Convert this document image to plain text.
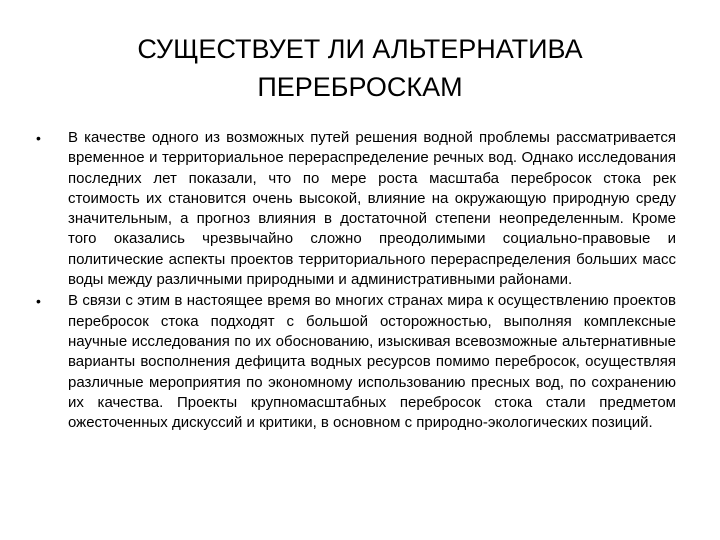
СУЩЕСТВУЕТ ЛИ АЛЬТЕРНАТИВА
ПЕРЕБРОСКАМ
•	В качестве одного из возможных путей решения водной проблемы рассматривается временное и территориальное перераспределение речных вод. Однако исследования последних лет показали, что по мере роста масштаба перебросок стока рек стоимость их становится очень высокой, влияние на окружающую природную среду значительным, а прогноз влияния в достаточной степени неопределенным. Кроме того оказались чрезвычайно сложно преодолимыми социально-правовые и политические аспекты проектов территориального перераспределения больших масс воды между различными природными и административными районами.
•	В связи с этим в настоящее время во многих странах мира к осуществлению проектов перебросок стока подходят с большой осторожностью, выполняя комплексные научные исследования по их обоснованию, изыскивая всевозможные альтернативные варианты восполнения дефицита водных ресурсов помимо перебросок, осуществляя различные мероприятия по экономному использованию пресных вод, по сохранению их качества. Проекты крупномасштабных перебросок стока стали предметом ожесточенных дискуссий и критики, в основном с природно-экологических позиций.
